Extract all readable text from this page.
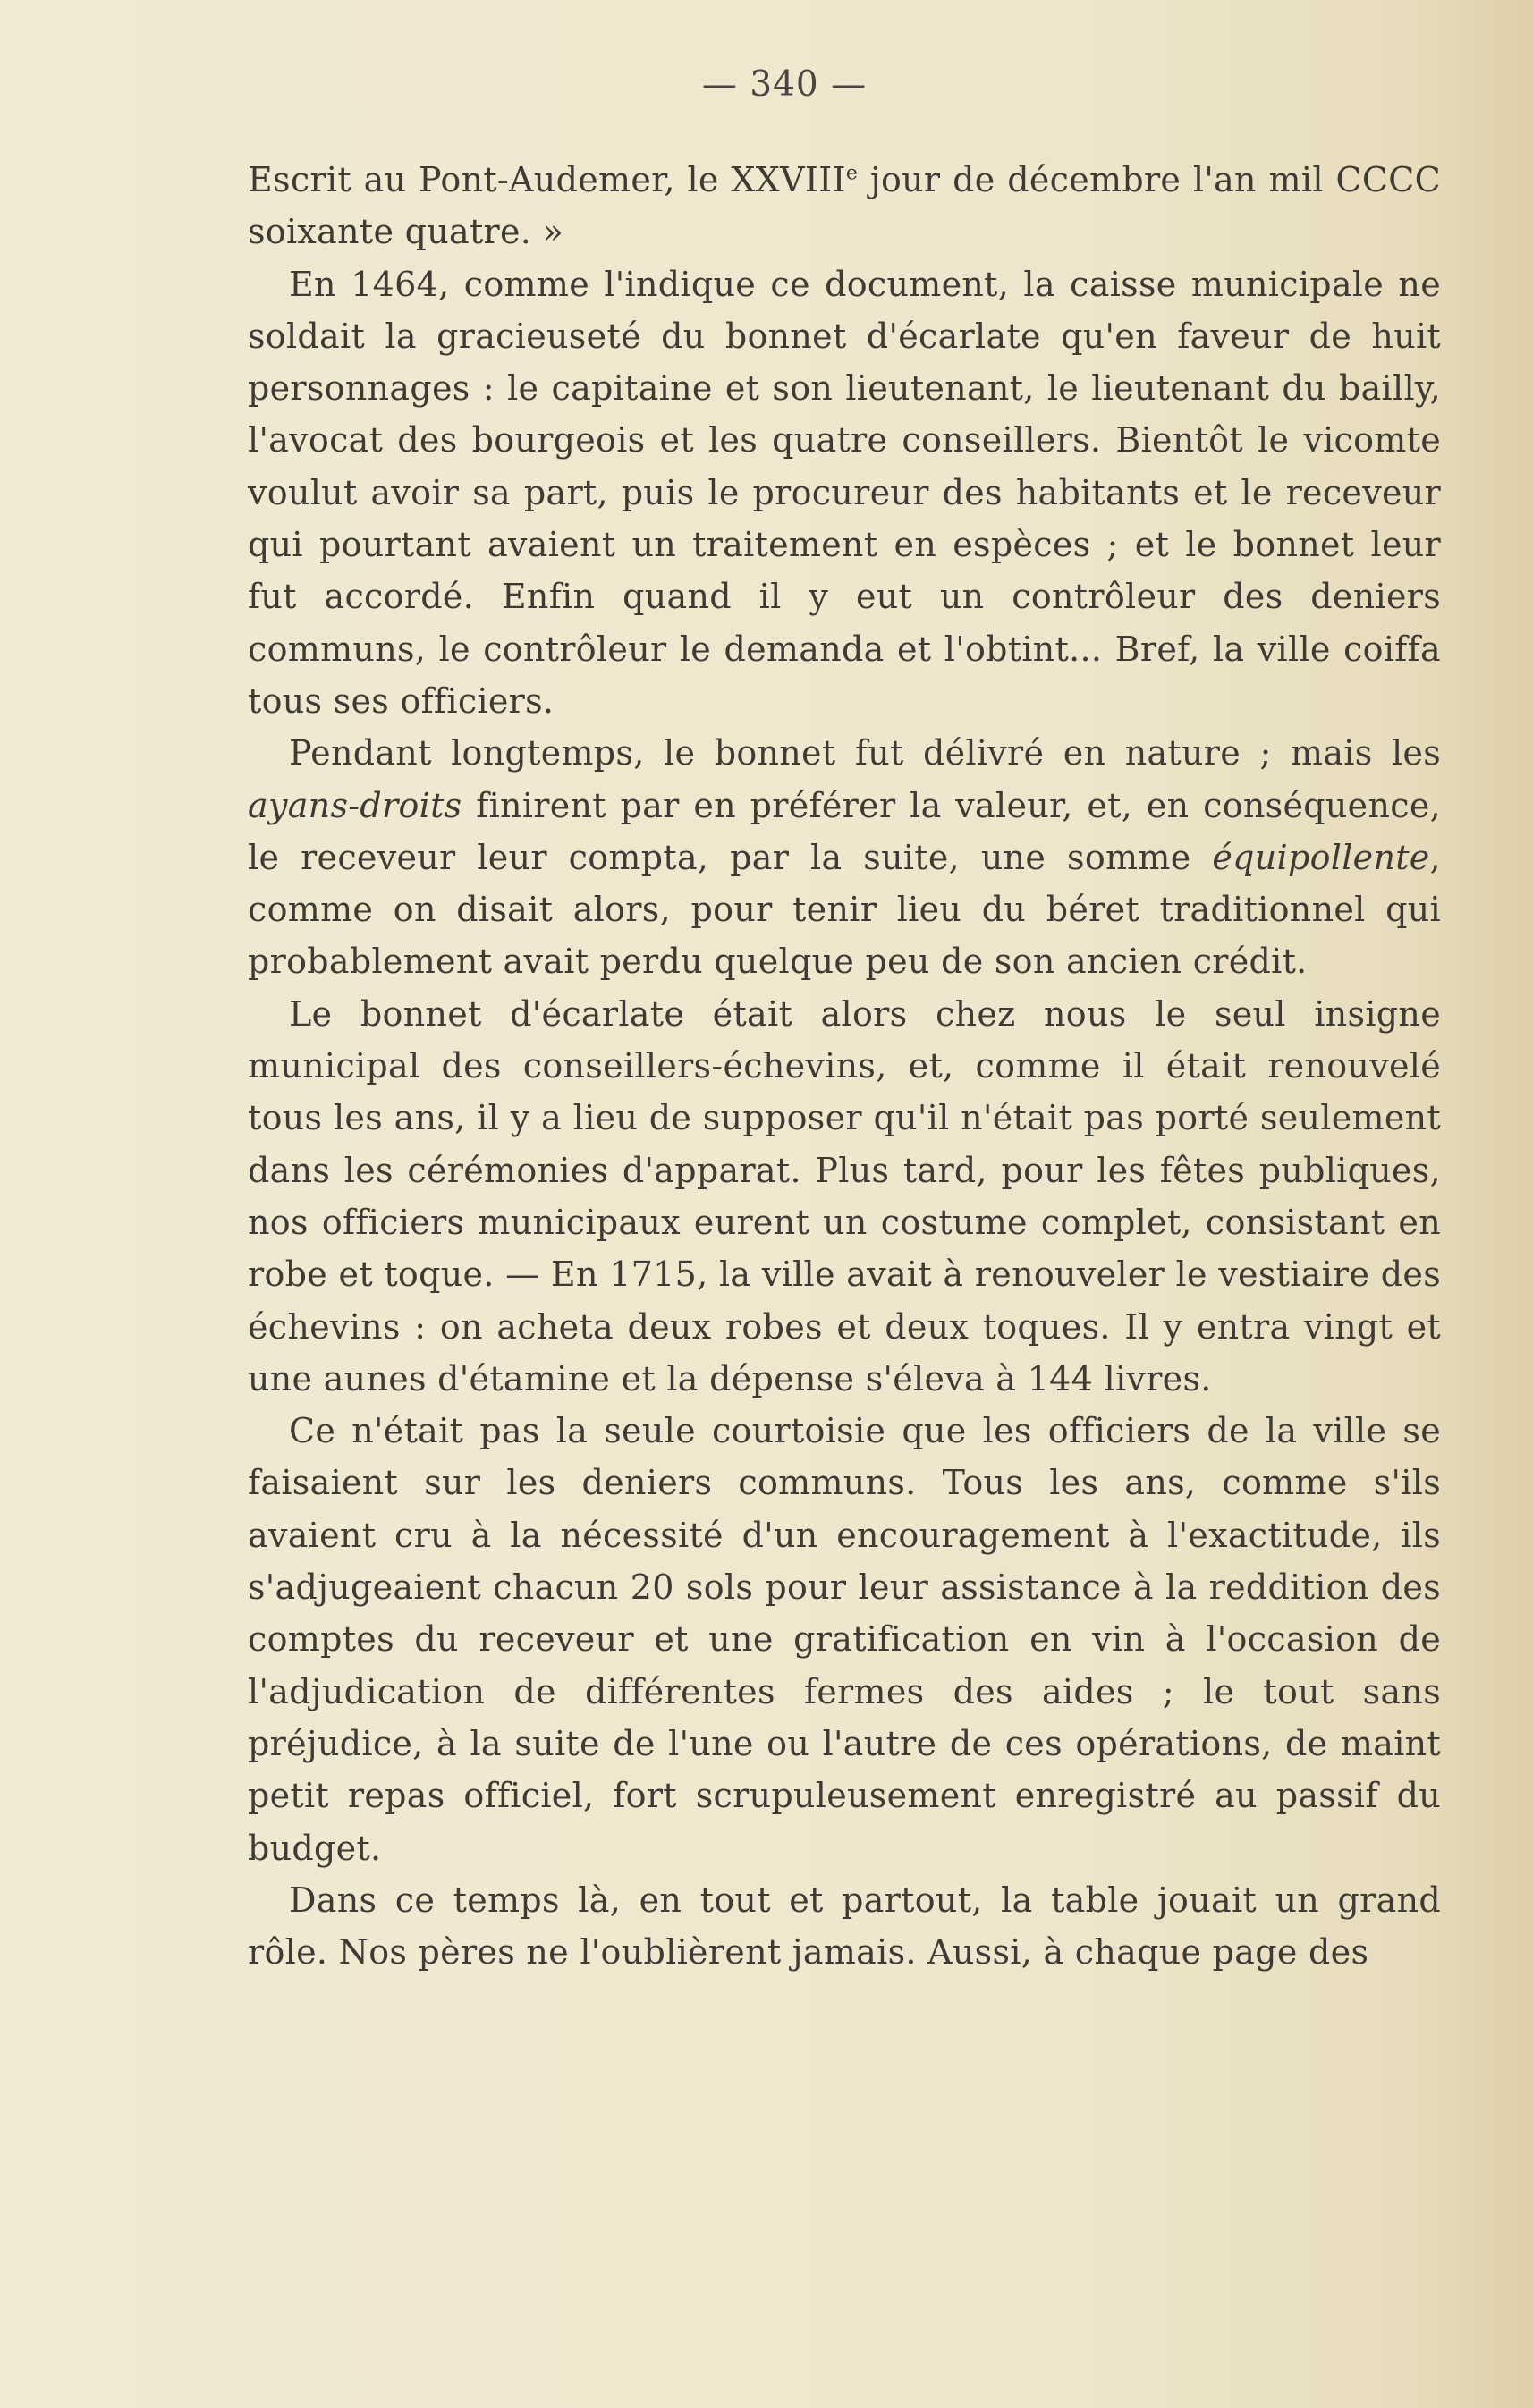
— 340 —

Escrit au Pont-Audemer, le XXVIIIe jour de décembre l'an mil CCCC soixante quatre. »

En 1464, comme l'indique ce document, la caisse municipale ne soldait la gracieuseté du bonnet d'écarlate qu'en faveur de huit personnages : le capitaine et son lieutenant, le lieutenant du bailly, l'avocat des bourgeois et les quatre conseillers. Bientôt le vicomte voulut avoir sa part, puis le procureur des habitants et le receveur qui pourtant avaient un traitement en espèces ; et le bonnet leur fut accordé. Enfin quand il y eut un contrôleur des deniers communs, le contrôleur le demanda et l'obtint... Bref, la ville coiffa tous ses officiers.

Pendant longtemps, le bonnet fut délivré en nature ; mais les ayans-droits finirent par en préférer la valeur, et, en conséquence, le receveur leur compta, par la suite, une somme équipollente, comme on disait alors, pour tenir lieu du béret traditionnel qui probablement avait perdu quelque peu de son ancien crédit.

Le bonnet d'écarlate était alors chez nous le seul insigne municipal des conseillers-échevins, et, comme il était renouvelé tous les ans, il y a lieu de supposer qu'il n'était pas porté seulement dans les cérémonies d'apparat. Plus tard, pour les fêtes publiques, nos officiers municipaux eurent un costume complet, consistant en robe et toque. — En 1715, la ville avait à renouveler le vestiaire des échevins : on acheta deux robes et deux toques. Il y entra vingt et une aunes d'étamine et la dépense s'éleva à 144 livres.

Ce n'était pas la seule courtoisie que les officiers de la ville se faisaient sur les deniers communs. Tous les ans, comme s'ils avaient cru à la nécessité d'un encouragement à l'exactitude, ils s'adjugeaient chacun 20 sols pour leur assistance à la reddition des comptes du receveur et une gratification en vin à l'occasion de l'adjudication de différentes fermes des aides ; le tout sans préjudice, à la suite de l'une ou l'autre de ces opérations, de maint petit repas officiel, fort scrupuleusement enregistré au passif du budget.

Dans ce temps là, en tout et partout, la table jouait un grand rôle. Nos pères ne l'oublièrent jamais. Aussi, à chaque page des
